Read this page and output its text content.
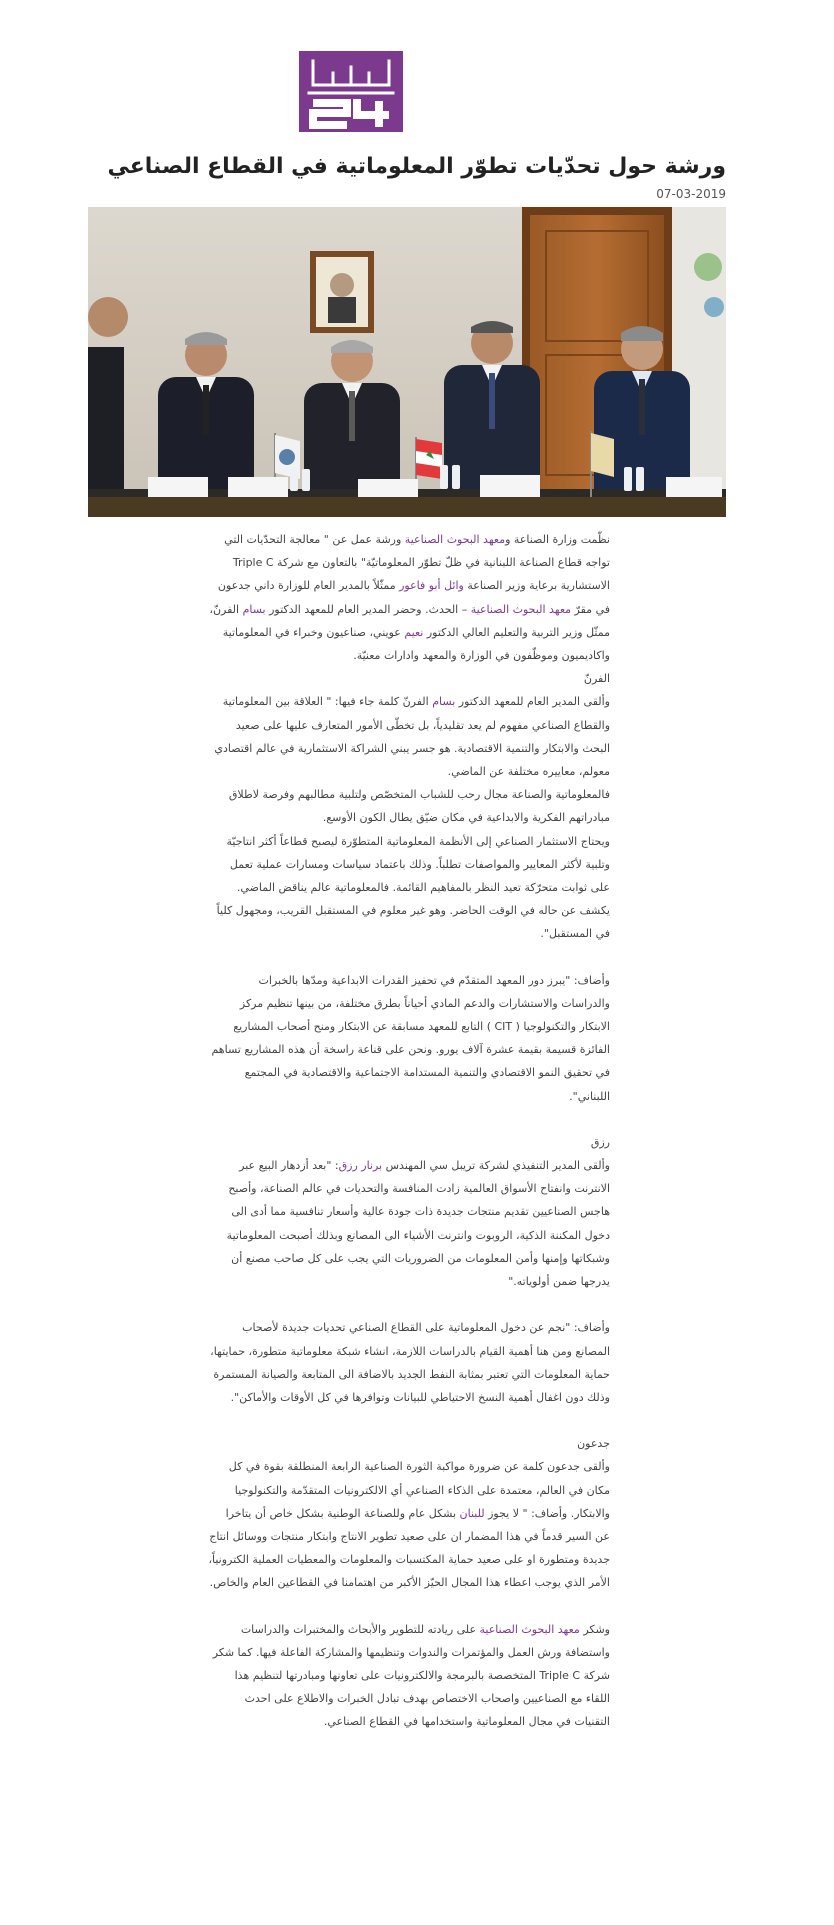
ورشة حول تحدّيات تطوّر المعلوماتية في القطاع الصناعي
07-03-2019

نظّمت وزارة الصناعة ومعهد البحوث الصناعية ورشة عمل عن " معالجة التحدّيات التي تواجه قطاع الصناعة اللبنانية في ظلّ تطوّر المعلوماتيّة" بالتعاون مع شركة Triple C الاستشارية برعاية وزير الصناعة وائل أبو فاعور ممثّلاً بالمدير العام للوزارة داني جدعون في مقرّ معهد البحوث الصناعية – الحدث. وحضر المدير العام للمعهد الدكتور بسام الفرنّ، ممثّل وزير التربية والتعليم العالي الدكتور نعيم عويني، صناعيون وخبراء في المعلوماتية واكاديميون وموظّفون في الوزارة والمعهد وادارات معنيّة.

الفرنّ

وألقى المدير العام للمعهد الدكتور بسام الفرنّ كلمة جاء فيها: " العلاقة بين المعلوماتية والقطاع الصناعي مفهوم لم يعد تقليدياً، بل تخطّى الأمور المتعارف عليها على صعيد البحث والابتكار والتنمية الاقتصادية. هو جسر يبني الشراكة الاستثمارية في عالم اقتصادي معولم، معاييره مختلفة عن الماضي.

فالمعلوماتية والصناعة مجال رحب للشباب المتخصّص ولتلبية مطالبهم وفرصة لاطلاق مبادراتهم الفكرية والابداعية في مكان ضيّق يطال الكون الأوسع.

ويحتاج الاستثمار الصناعي إلى الأنظمة المعلوماتية المتطوّرة ليصبح قطاعاً أكثر انتاجيّة وتلبية لأكثر المعايير والمواصفات تطلباً. وذلك باعتماد سياسات ومسارات عملية تعمل على ثوابت متحرّكة تعيد النظر بالمفاهيم القائمة. فالمعلوماتية عالم يناقض الماضي. يكشف عن حاله في الوقت الحاضر. وهو غير معلوم في المستقبل القريب، ومجهول كلياً في المستقبل".

وأضاف: "يبرز دور المعهد المتقدّم في تحفيز القدرات الابداعية ومدّها بالخبرات والدراسات والاستشارات والدعم المادي أحياناً بطرق مختلفة، من بينها تنظيم مركز الابتكار والتكنولوجيا ( CIT ) التابع للمعهد مسابقة عن الابتكار ومنح أصحاب المشاريع الفائزة قسيمة بقيمة عشرة آلاف يورو. ونحن على قناعة راسخة أن هذه المشاريع تساهم في تحقيق النمو الاقتصادي والتنمية المستدامة الاجتماعية والاقتصادية في المجتمع اللبناني".

رزق

وألقى المدير التنفيذي لشركة تريبل سي المهندس برنار رزق: "بعد أزدهار البيع عبر الانترنت وانفتاح الأسواق العالمية زادت المنافسة والتحديات في عالم الصناعة، وأصبح هاجس الصناعيين تقديم منتجات جديدة ذات جودة عالية وأسعار تنافسية مما أدى الى دخول المكننة الذكية، الروبوت وانترنت الأشياء الى المصانع وبذلك أصبحت المعلوماتية وشبكاتها وإمنها وأمن المعلومات من الضروريات التي يجب على كل صاحب مصنع أن يدرجها ضمن أولوياته."

وأضاف: "نجم عن دخول المعلوماتية على القطاع الصناعي تحديات جديدة لأصحاب المصانع ومن هنا أهمية القيام بالدراسات اللازمة، انشاء شبكة معلوماتية متطورة، حمايتها، حماية المعلومات التي تعتبر بمثابة النفط الجديد بالاضافة الى المتابعة والصيانة المستمرة وذلك دون اغفال أهمية النسخ الاحتياطي للبيانات وتوافرها في كل الأوقات والأماكن".

جدعون

وألقى جدعون كلمة عن ضرورة مواكبة الثورة الصناعية الرابعة المنطلقة بقوة في كل مكان في العالم، معتمدة على الذكاء الصناعي أي الالكترونيات المتقدّمة والتكنولوجيا والابتكار. وأضاف: " لا يجوز للبنان بشكل عام وللصناعة الوطنية بشكل خاص أن يتاخرا عن السير قدماً في هذا المضمار ان على صعيد تطوير الانتاج وابتكار منتجات ووسائل انتاج جديدة ومتطورة او على صعيد حماية المكتسبات والمعلومات والمعطيات العملية الكترونياً، الأمر الذي يوجب اعطاء هذا المجال الحيّز الأكبر من اهتمامنا في القطاعين العام والخاص.

وشكر معهد البحوث الصناعية على ريادته للتطوير والأبحاث والمختبرات والدراسات واستضافة ورش العمل والمؤتمرات والندوات وتنظيمها والمشاركة الفاعلة فيها. كما شكر شركة Triple C المتخصصة بالبرمجة والالكترونيات على تعاونها ومبادرتها لتنظيم هذا اللقاء مع الصناعيين واصحاب الاختصاص بهدف تبادل الخبرات والاطلاع على احدث التقنيات في مجال المعلوماتية واستخدامها في القطاع الصناعي.
